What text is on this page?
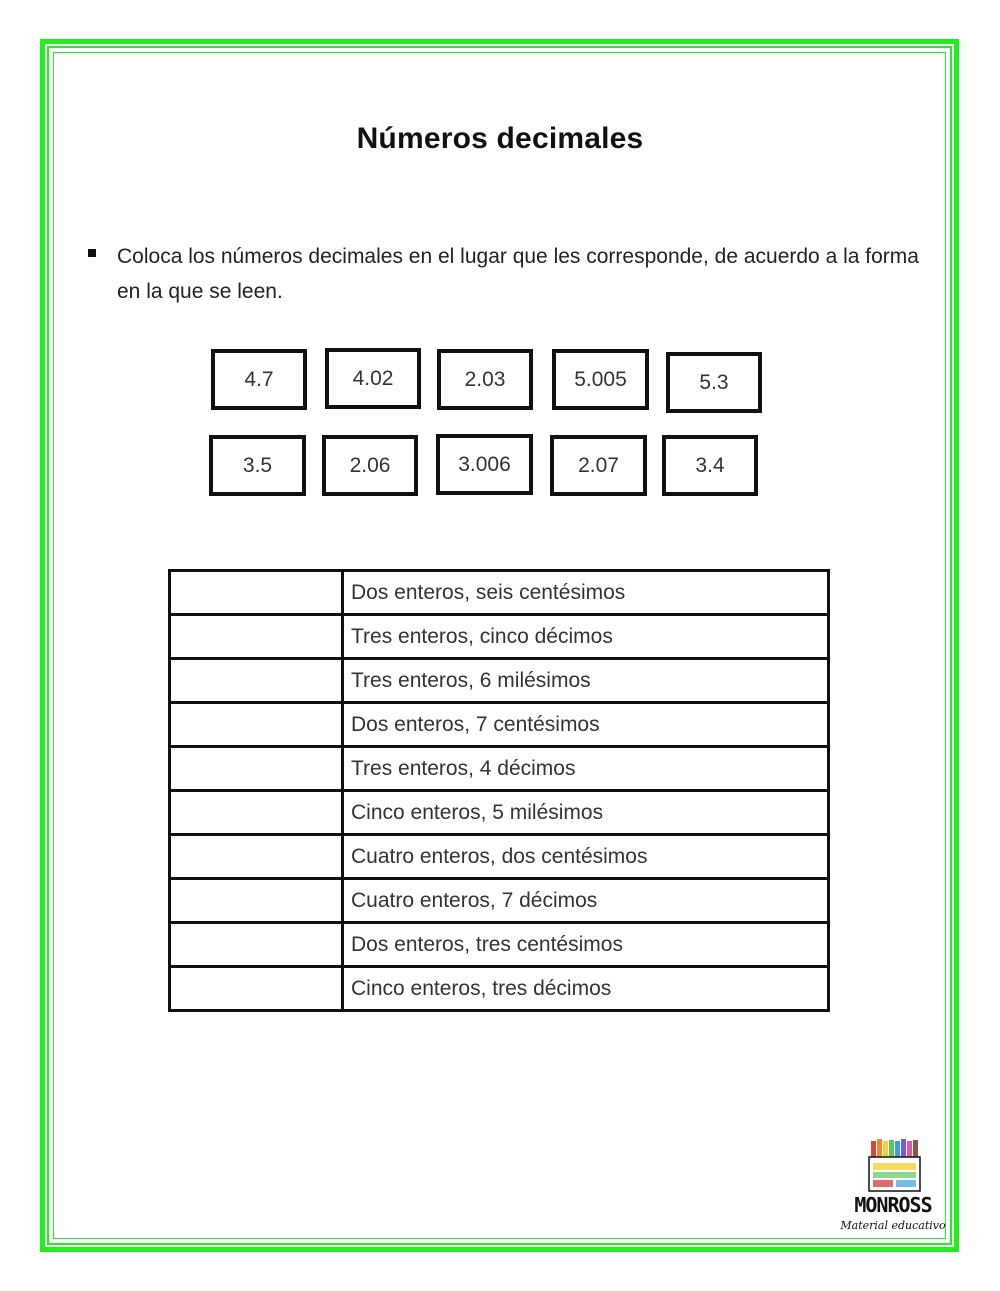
Números decimales
Coloca los números decimales en el lugar que les corresponde, de acuerdo a la forma en la que se leen.
4.7	4.02	2.03	5.005	5.3
3.5	2.06	3.006	2.07	3.4
	Dos enteros, seis centésimos
	Tres enteros, cinco décimos
	Tres enteros, 6 milésimos
	Dos enteros, 7 centésimos
	Tres enteros, 4 décimos
	Cinco enteros, 5 milésimos
	Cuatro enteros, dos centésimos
	Cuatro enteros, 7 décimos
	Dos enteros, tres centésimos
	Cinco enteros, tres décimos
MONROSS
Material educativo
